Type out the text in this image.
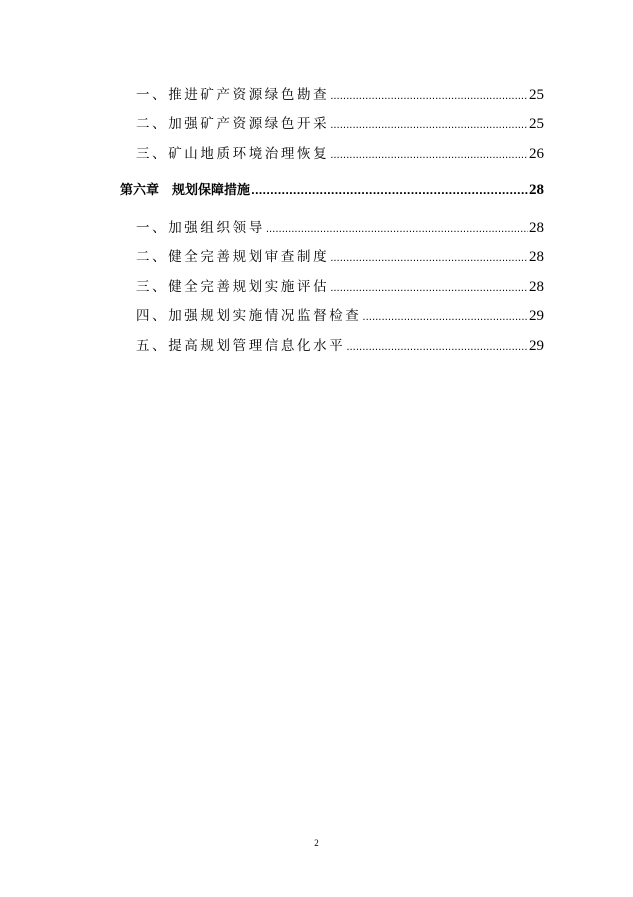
一、推进矿产资源绿色勘查 .....	25
二、加强矿产资源绿色开采 .....	25
三、矿山地质环境治理恢复 .....	26
第六章　规划保障措施 .....	28
一、加强组织领导 .....	28
二、健全完善规划审查制度 .....	28
三、健全完善规划实施评估 .....	28
四、加强规划实施情况监督检查 .....	29
五、提高规划管理信息化水平 .....	29
2
